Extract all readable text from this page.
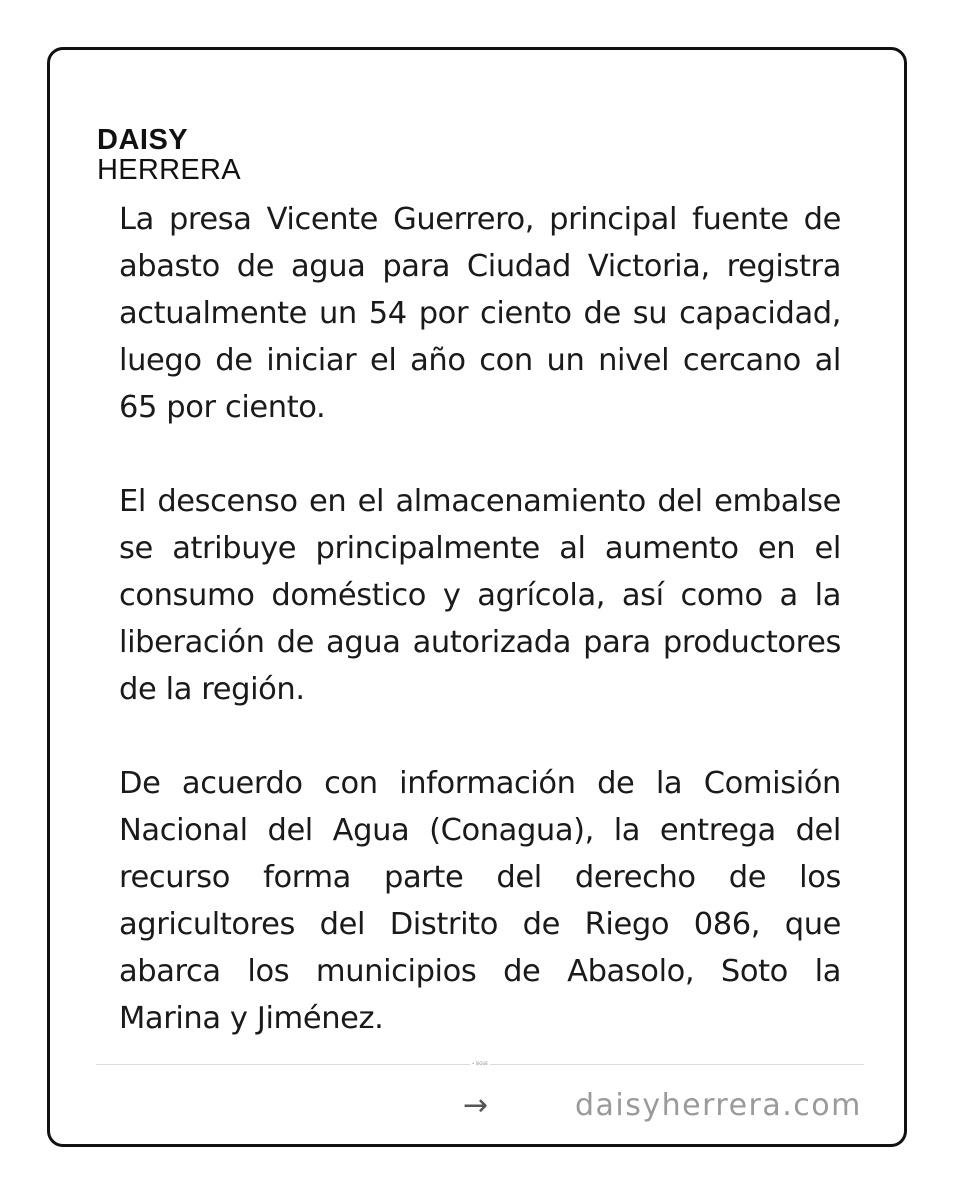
DAISY
HERRERA

La presa Vicente Guerrero, principal fuente de abasto de agua para Ciudad Victoria, registra actualmente un 54 por ciento de su capacidad, luego de iniciar el año con un nivel cercano al 65 por ciento.

El descenso en el almacenamiento del embalse se atribuye principalmente al aumento en el consumo doméstico y agrícola, así como a la liberación de agua autorizada para productores de la región.

De acuerdo con información de la Comisión Nacional del Agua (Conagua), la entrega del recurso forma parte del derecho de los agricultores del Distrito de Riego 086, que abarca los municipios de Abasolo, Soto la Marina y Jiménez.

• SIGUE
→	daisyherrera.com
